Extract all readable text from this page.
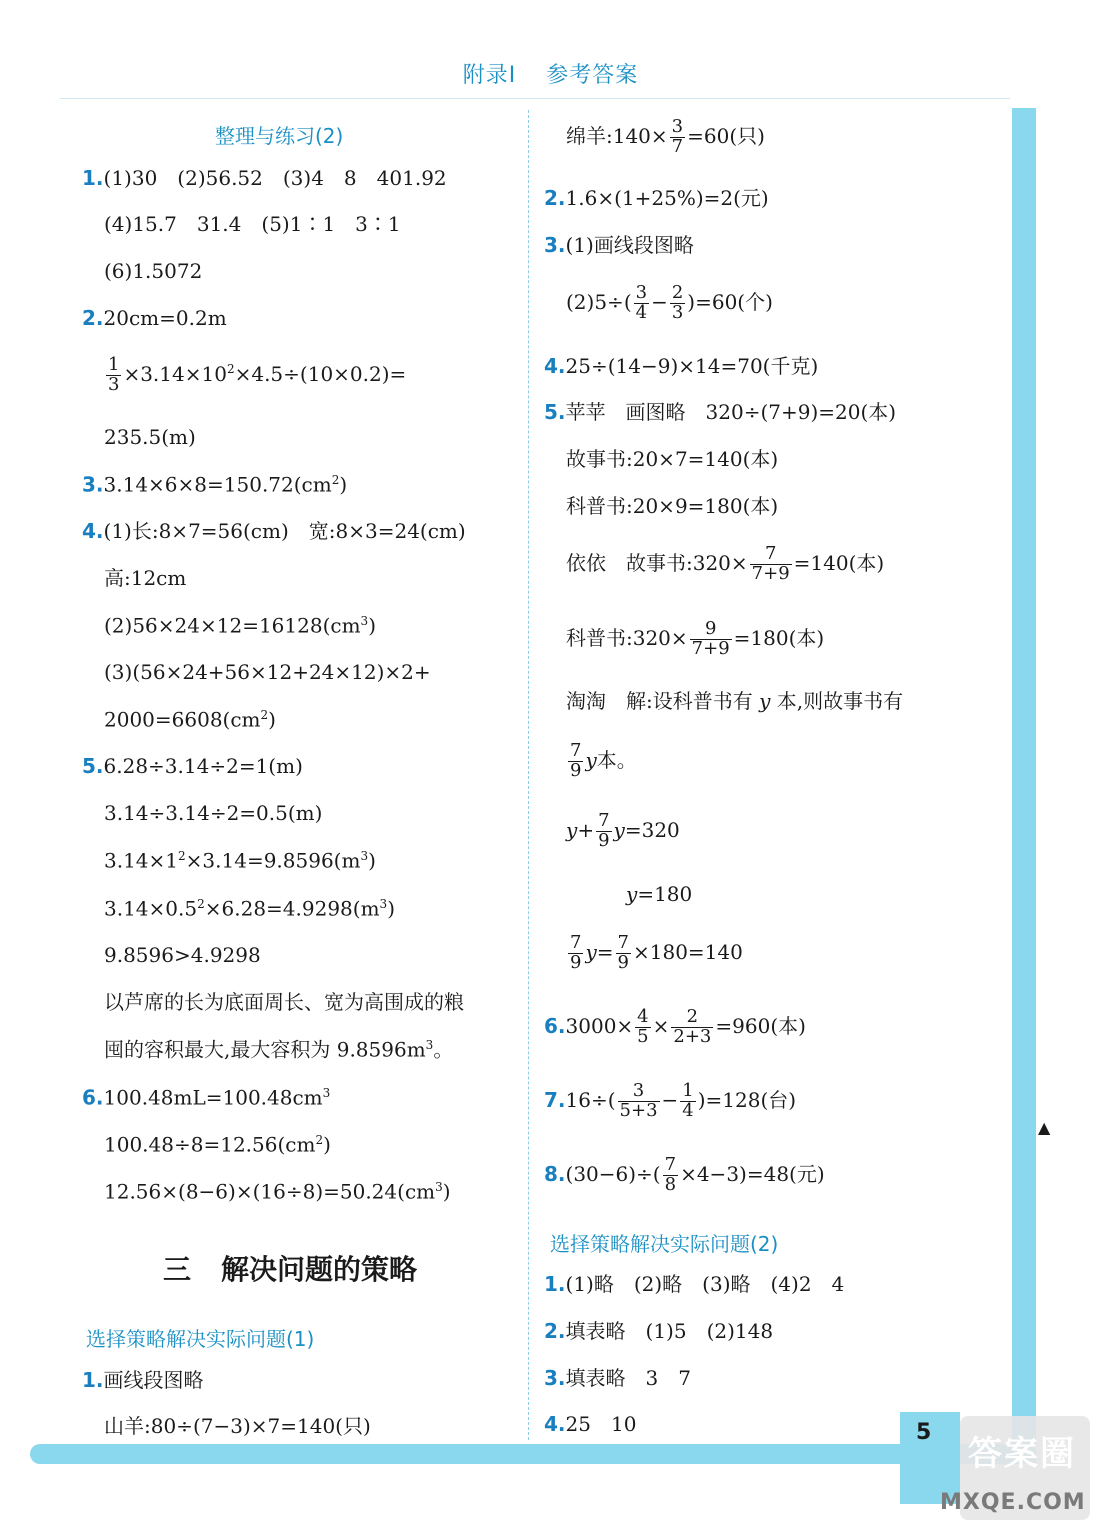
附录Ⅰ 参考答案
5
答案圈
MXQE.COM
▲
整理与练习(2)
1.(1)30　(2)56.52　(3)4　8　401.92
(4)15.7　31.4　(5)1∶1　3∶1
(6)1.5072
2.20cm=0.2m
$\frac{1}{3} \times 3.14\times 10^2\times 4.5\div(10\times 0.2)=$
235.5(m)
$3.3.14\times 6\times 8=150.72(cm^2)$
4.(1)长:8×7=56(cm)　宽:8×3=24(cm)
高:12cm
$(2)56\times 24\times 12=16128(cm^3)$
(3)(56×24+56×12+24×12)×2+
$2000=6608(cm^2)$
5.6.28÷3.14÷2=1(m)
3.14÷3.14÷2=0.5(m)
$3.14\times 1^2\times 3.14=9.8596(m^3)$
$3.14\times 0.5^2\times 6.28=4.9298(m^3)$
9.8596>4.9298
以芦席的长为底面周长、宽为高围成的粮
囤的容积最大,最大容积为 $9.8596m^3$。
$6.100.48mL=100.48cm^3$
$100.48\div 8=12.56(cm^2)$
$12.56\times(8-6)\times(16\div 8)=50.24(cm^3)$
三 解决问题的策略
选择策略解决实际问题(1)
1.画线段图略
山羊:80÷(7−3)×7=140(只)
绵羊:140× $\frac{3}{7} =60$(只)
2.1.6×(1+25%)=2(元)
3.(1)画线段图略
$(2)5\div( \frac{3}{4} - \frac{2}{3} )=60$(个)
4.25÷(14−9)×14=70(千克)
5.苹苹　画图略　320÷(7+9)=20(本)
故事书:20×7=140(本)
科普书:20×9=180(本)
依依　故事书:320× $\frac{7}{7+9} =140$(本)
科普书:320× $\frac{9}{7+9} =180$(本)
淘淘　解:设科普书有 y 本,则故事书有
$\frac{7}{9}$ y本。
$y+ \frac{7}{9} y=320$
y=180
$\frac{7}{9} y= \frac{7}{9} \times 180=140$
$6.3000\times \frac{4}{5} \times \frac{2}{2+3} =960$(本)
$7.16\div( \frac{3}{5+3} - \frac{1}{4} )=128$(台)
$8.(30-6)\div( \frac{7}{8} \times 4-3)=48$(元)
选择策略解决实际问题(2)
1.(1)略　(2)略　(3)略　(4)2　4
2.填表略　(1)5　(2)148
3.填表略　3　7
4.25　10
